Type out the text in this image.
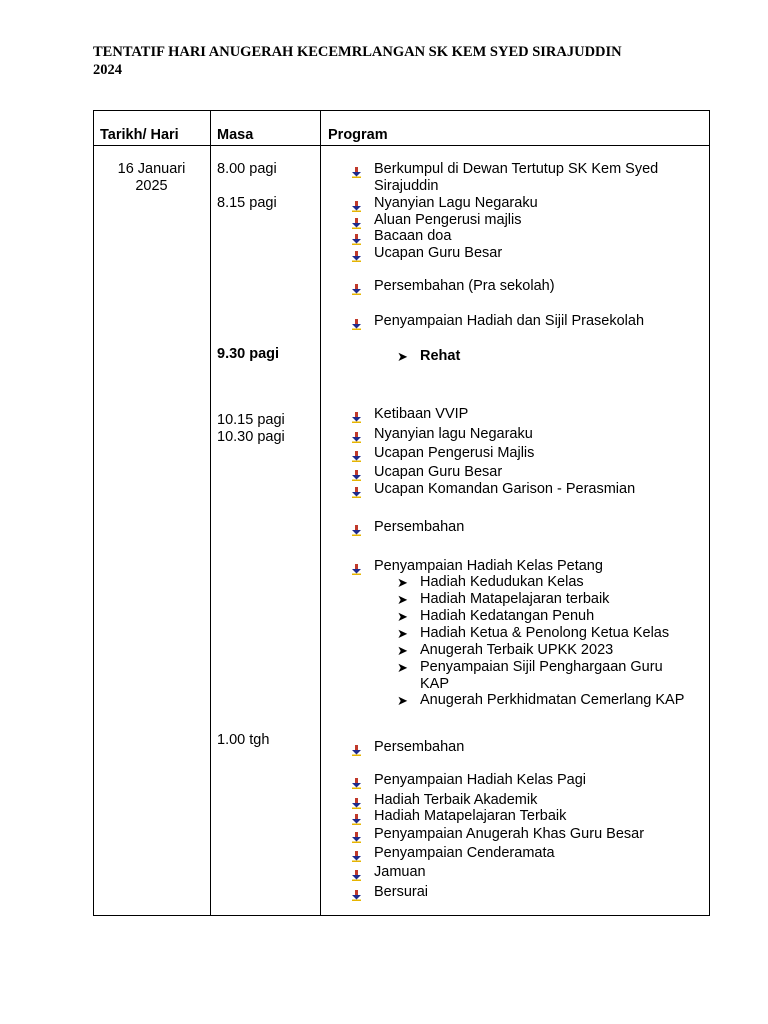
TENTATIF HARI ANUGERAH KECEMRLANGAN SK KEM SYED SIRAJUDDIN
2024
Tarikh/ Hari	Masa	Program
16 Januari
2025
8.00 pagi
8.15 pagi
9.30 pagi
10.15 pagi
10.30 pagi
1.00 tgh
Berkumpul di Dewan Tertutup SK Kem Syed
Sirajuddin
Nyanyian Lagu Negaraku
Aluan Pengerusi majlis
Bacaan doa
Ucapan Guru Besar
Persembahan (Pra sekolah)
Penyampaian Hadiah dan Sijil Prasekolah
Rehat
➤
Ketibaan VVIP
Nyanyian lagu Negaraku
Ucapan Pengerusi Majlis
Ucapan Guru Besar
Ucapan Komandan Garison - Perasmian
Persembahan
Penyampaian Hadiah Kelas Petang
Hadiah Kedudukan Kelas
➤
Hadiah Matapelajaran terbaik
➤
Hadiah Kedatangan Penuh
➤
Hadiah Ketua & Penolong Ketua Kelas
➤
Anugerah Terbaik UPKK 2023
➤
Penyampaian Sijil Penghargaan Guru
➤
KAP
Anugerah Perkhidmatan Cemerlang KAP
➤
Persembahan
Penyampaian Hadiah Kelas Pagi
Hadiah Terbaik Akademik
Hadiah Matapelajaran Terbaik
Penyampaian Anugerah Khas Guru Besar
Penyampaian Cenderamata
Jamuan
Bersurai
